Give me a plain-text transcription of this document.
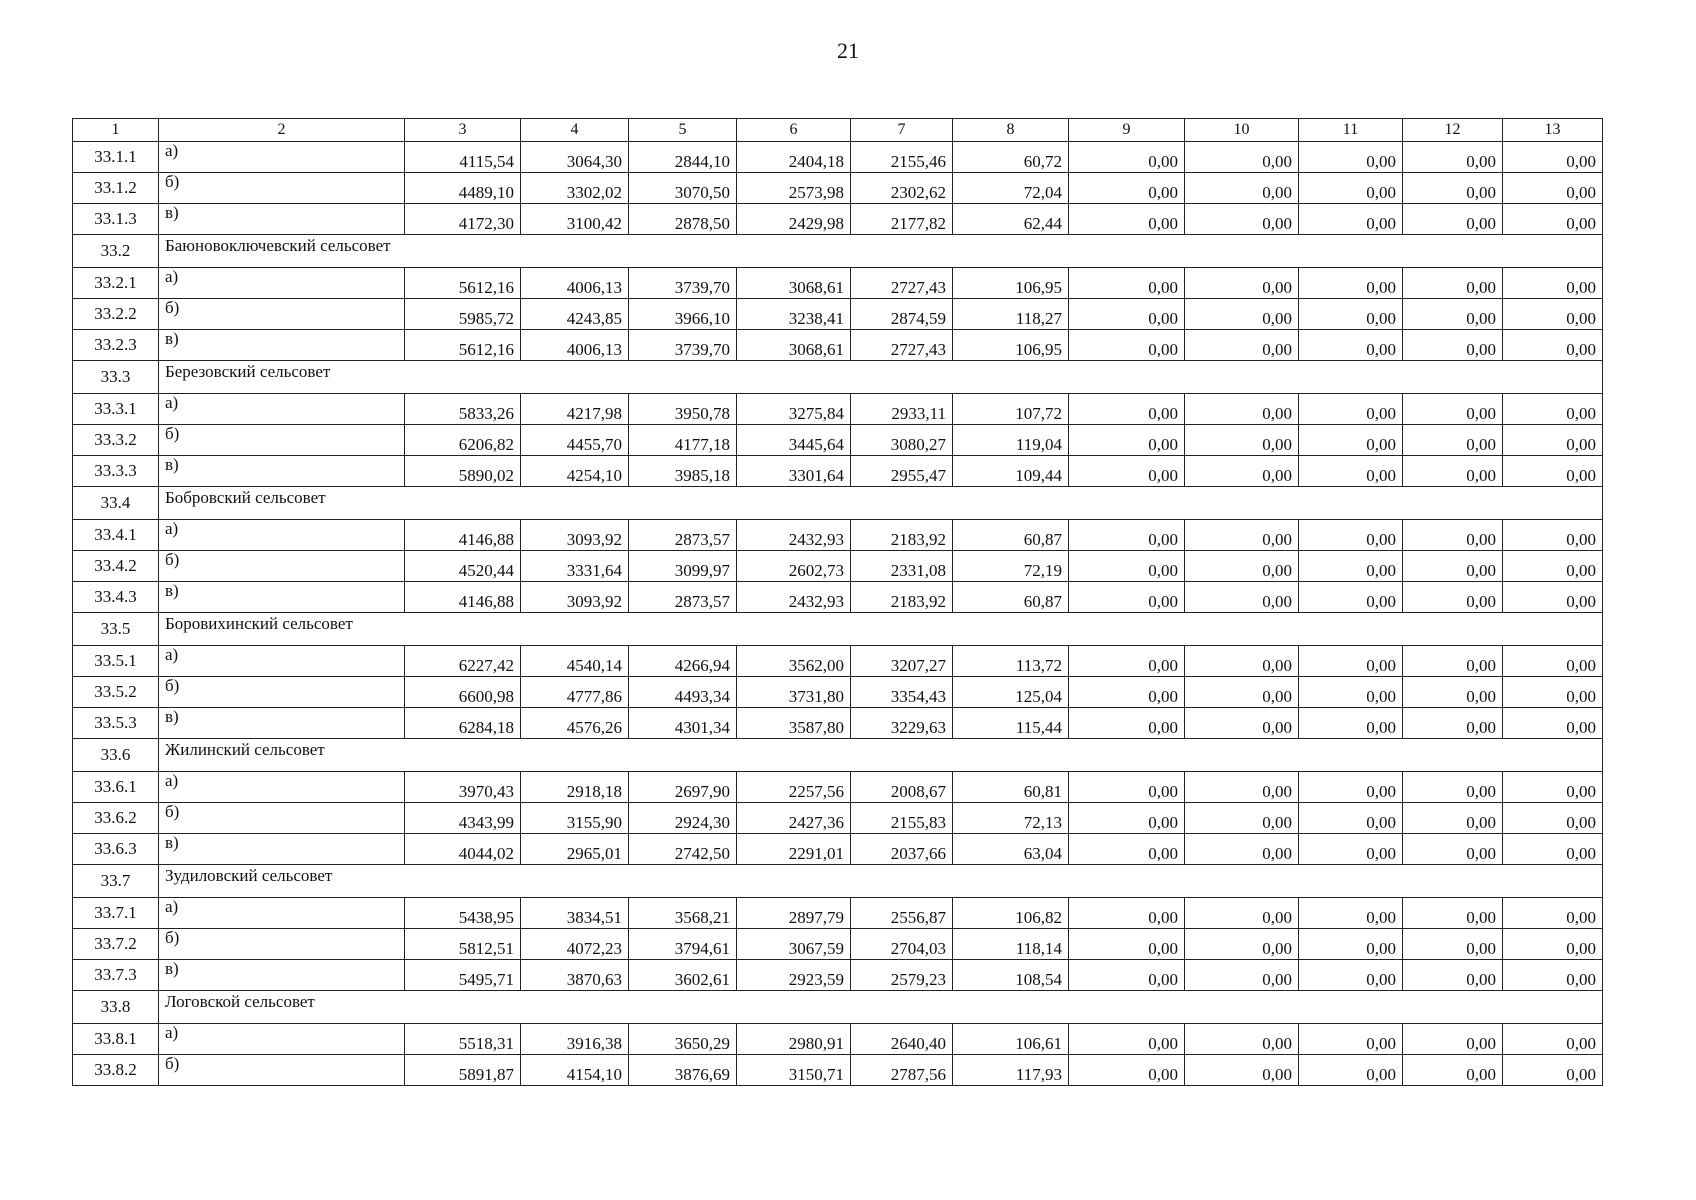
21
1	2	3	4	5	6	7	8	9	10	11	12	13
33.1.1	а)	4115,54	3064,30	2844,10	2404,18	2155,46	60,72	0,00	0,00	0,00	0,00	0,00
33.1.2	б)	4489,10	3302,02	3070,50	2573,98	2302,62	72,04	0,00	0,00	0,00	0,00	0,00
33.1.3	в)	4172,30	3100,42	2878,50	2429,98	2177,82	62,44	0,00	0,00	0,00	0,00	0,00
33.2	Баюновоключевский сельсовет											
33.2.1	а)	5612,16	4006,13	3739,70	3068,61	2727,43	106,95	0,00	0,00	0,00	0,00	0,00
33.2.2	б)	5985,72	4243,85	3966,10	3238,41	2874,59	118,27	0,00	0,00	0,00	0,00	0,00
33.2.3	в)	5612,16	4006,13	3739,70	3068,61	2727,43	106,95	0,00	0,00	0,00	0,00	0,00
33.3	Березовский сельсовет											
33.3.1	а)	5833,26	4217,98	3950,78	3275,84	2933,11	107,72	0,00	0,00	0,00	0,00	0,00
33.3.2	б)	6206,82	4455,70	4177,18	3445,64	3080,27	119,04	0,00	0,00	0,00	0,00	0,00
33.3.3	в)	5890,02	4254,10	3985,18	3301,64	2955,47	109,44	0,00	0,00	0,00	0,00	0,00
33.4	Бобровский сельсовет											
33.4.1	а)	4146,88	3093,92	2873,57	2432,93	2183,92	60,87	0,00	0,00	0,00	0,00	0,00
33.4.2	б)	4520,44	3331,64	3099,97	2602,73	2331,08	72,19	0,00	0,00	0,00	0,00	0,00
33.4.3	в)	4146,88	3093,92	2873,57	2432,93	2183,92	60,87	0,00	0,00	0,00	0,00	0,00
33.5	Боровихинский сельсовет											
33.5.1	а)	6227,42	4540,14	4266,94	3562,00	3207,27	113,72	0,00	0,00	0,00	0,00	0,00
33.5.2	б)	6600,98	4777,86	4493,34	3731,80	3354,43	125,04	0,00	0,00	0,00	0,00	0,00
33.5.3	в)	6284,18	4576,26	4301,34	3587,80	3229,63	115,44	0,00	0,00	0,00	0,00	0,00
33.6	Жилинский сельсовет											
33.6.1	а)	3970,43	2918,18	2697,90	2257,56	2008,67	60,81	0,00	0,00	0,00	0,00	0,00
33.6.2	б)	4343,99	3155,90	2924,30	2427,36	2155,83	72,13	0,00	0,00	0,00	0,00	0,00
33.6.3	в)	4044,02	2965,01	2742,50	2291,01	2037,66	63,04	0,00	0,00	0,00	0,00	0,00
33.7	Зудиловский сельсовет											
33.7.1	а)	5438,95	3834,51	3568,21	2897,79	2556,87	106,82	0,00	0,00	0,00	0,00	0,00
33.7.2	б)	5812,51	4072,23	3794,61	3067,59	2704,03	118,14	0,00	0,00	0,00	0,00	0,00
33.7.3	в)	5495,71	3870,63	3602,61	2923,59	2579,23	108,54	0,00	0,00	0,00	0,00	0,00
33.8	Логовской сельсовет											
33.8.1	а)	5518,31	3916,38	3650,29	2980,91	2640,40	106,61	0,00	0,00	0,00	0,00	0,00
33.8.2	б)	5891,87	4154,10	3876,69	3150,71	2787,56	117,93	0,00	0,00	0,00	0,00	0,00
